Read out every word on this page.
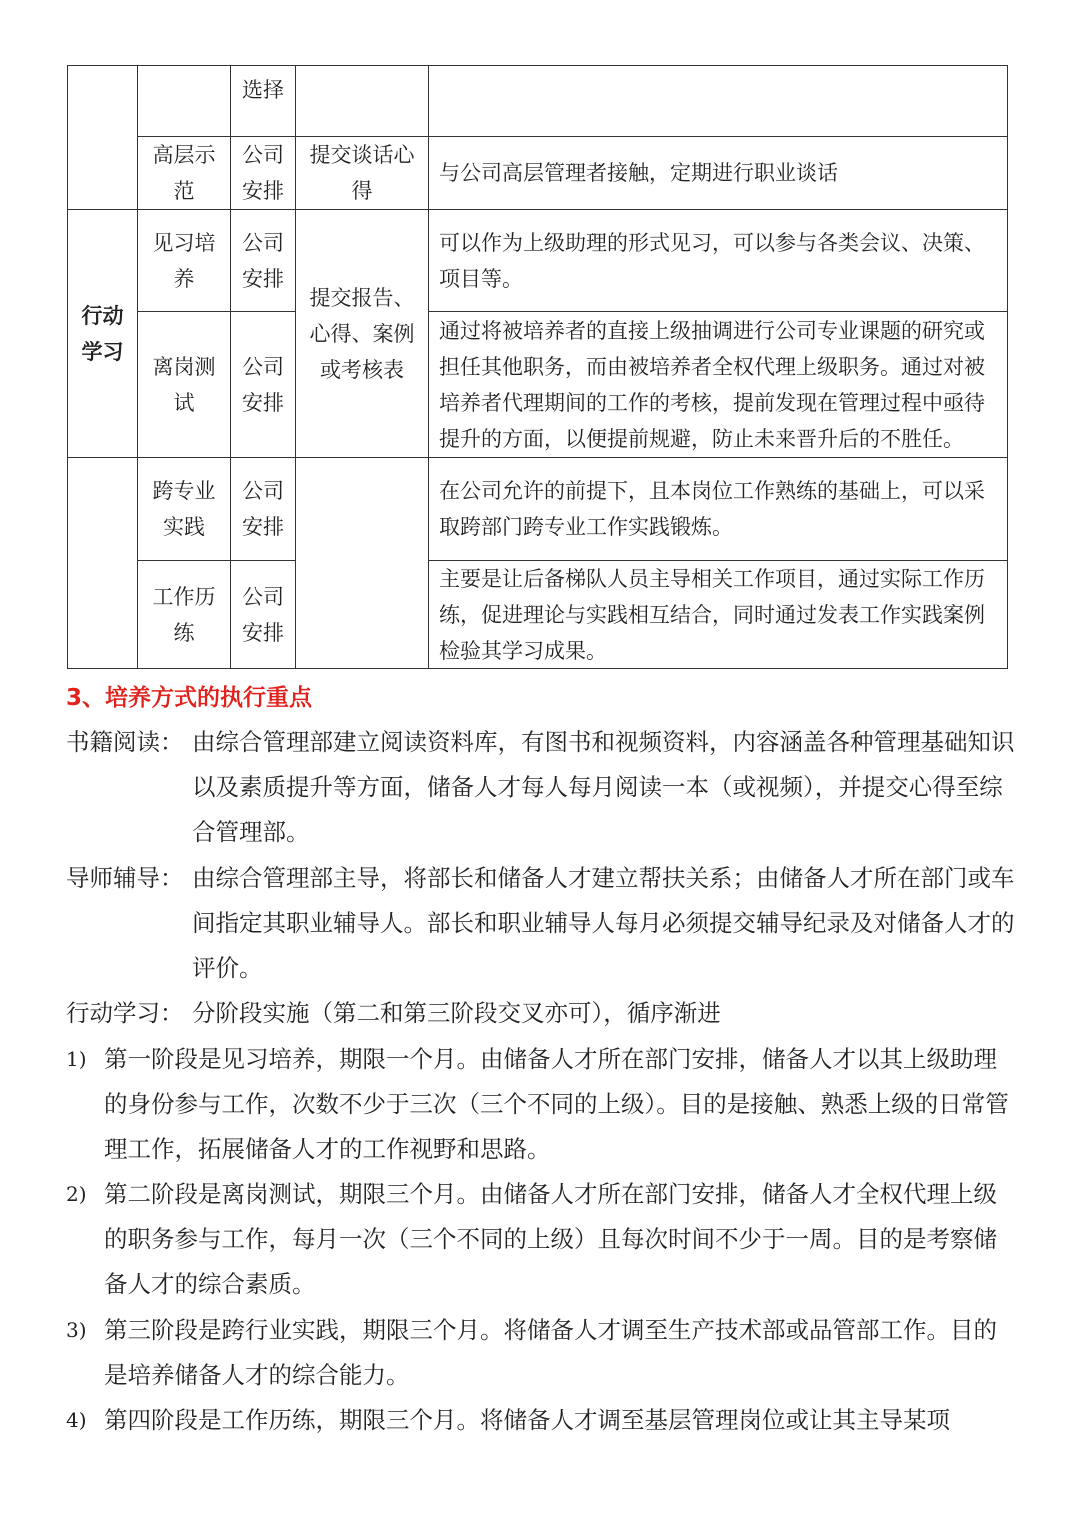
行动学习
高层示范
见习培养
离岗测试
跨专业实践
工作历练
选择
公司安排
公司安排
公司安排
公司安排
公司安排
提交谈话心得
提交报告、心得、案例或考核表
与公司高层管理者接触，定期进行职业谈话
可以作为上级助理的形式见习，可以参与各类会议、决策、项目等。
通过将被培养者的直接上级抽调进行公司专业课题的研究或担任其他职务，而由被培养者全权代理上级职务。通过对被培养者代理期间的工作的考核，提前发现在管理过程中亟待提升的方面，以便提前规避，防止未来晋升后的不胜任。
在公司允许的前提下，且本岗位工作熟练的基础上，可以采取跨部门跨专业工作实践锻炼。
主要是让后备梯队人员主导相关工作项目，通过实际工作历练，促进理论与实践相互结合，同时通过发表工作实践案例检验其学习成果。
3、培养方式的执行重点
书籍阅读： 由综合管理部建立阅读资料库，有图书和视频资料，内容涵盖各种管理基础知识以及素质提升等方面，储备人才每人每月阅读一本（或视频），并提交心得至综合管理部。
导师辅导： 由综合管理部主导，将部长和储备人才建立帮扶关系；由储备人才所在部门或车间指定其职业辅导人。部长和职业辅导人每月必须提交辅导纪录及对储备人才的评价。
行动学习： 分阶段实施（第二和第三阶段交叉亦可），循序渐进
1) 第一阶段是见习培养，期限一个月。由储备人才所在部门安排，储备人才以其上级助理的身份参与工作，次数不少于三次（三个不同的上级）。目的是接触、熟悉上级的日常管理工作，拓展储备人才的工作视野和思路。
2) 第二阶段是离岗测试，期限三个月。由储备人才所在部门安排，储备人才全权代理上级的职务参与工作，每月一次（三个不同的上级）且每次时间不少于一周。目的是考察储备人才的综合素质。
3) 第三阶段是跨行业实践，期限三个月。将储备人才调至生产技术部或品管部工作。目的是培养储备人才的综合能力。
4) 第四阶段是工作历练，期限三个月。将储备人才调至基层管理岗位或让其主导某项
